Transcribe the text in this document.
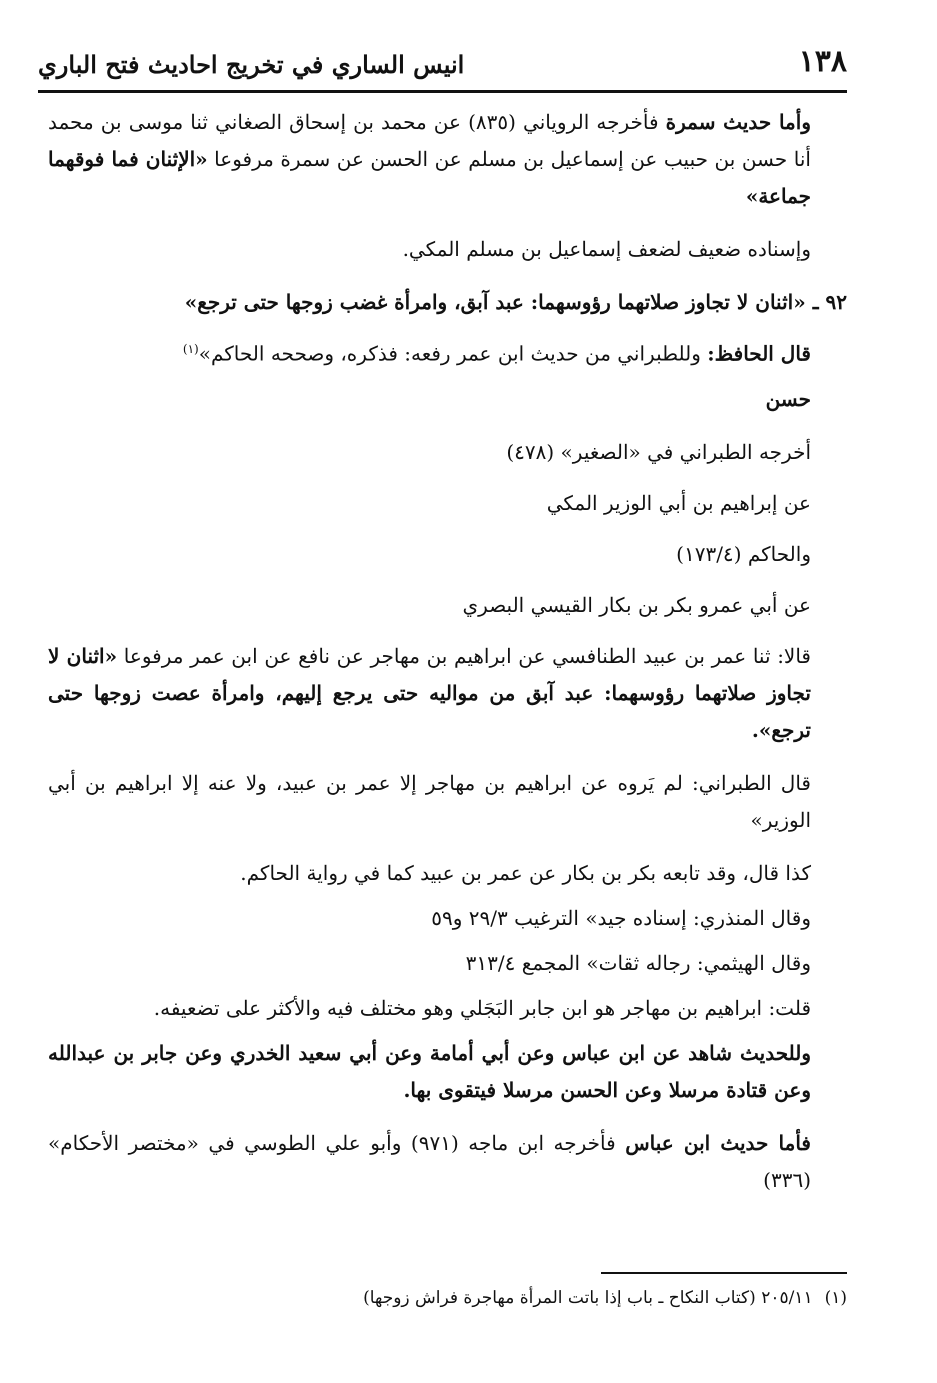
١٣٨
انيس الساري في تخريج احاديث فتح الباري

وأما حديث سمرة فأخرجه الروياني (٨٣٥) عن محمد بن إسحاق الصغاني ثنا موسى بن محمد أنا حسن بن حبيب عن إسماعيل بن مسلم عن الحسن عن سمرة مرفوعا «الإثنان فما فوقهما جماعة»

وإسناده ضعيف لضعف إسماعيل بن مسلم المكي.

٩٢ ـ «اثنان لا تجاوز صلاتهما رؤوسهما: عبد آبق، وامرأة غضب زوجها حتى ترجع»

قال الحافظ: وللطبراني من حديث ابن عمر رفعه: فذكره، وصححه الحاكم»$^{(١)}$

حسن

أخرجه الطبراني في «الصغير» (٤٧٨)

عن إبراهيم بن أبي الوزير المكي

والحاكم (١٧٣/٤)

عن أبي عمرو بكر بن بكار القيسي البصري

قالا: ثنا عمر بن عبيد الطنافسي عن ابراهيم بن مهاجر عن نافع عن ابن عمر مرفوعا «اثنان لا تجاوز صلاتهما رؤوسهما: عبد آبق من مواليه حتى يرجع إليهم، وامرأة عصت زوجها حتى ترجع».

قال الطبراني: لم يَروه عن ابراهيم بن مهاجر إلا عمر بن عبيد، ولا عنه إلا ابراهيم بن أبي الوزير»

كذا قال، وقد تابعه بكر بن بكار عن عمر بن عبيد كما في رواية الحاكم.

وقال المنذري: إسناده جيد» الترغيب ٢٩/٣ و٥٩

وقال الهيثمي: رجاله ثقات» المجمع ٣١٣/٤

قلت: ابراهيم بن مهاجر هو ابن جابر البَجَلي وهو مختلف فيه والأكثر على تضعيفه.

وللحديث شاهد عن ابن عباس وعن أبي أمامة وعن أبي سعيد الخدري وعن جابر بن عبدالله وعن قتادة مرسلا وعن الحسن مرسلا فيتقوى بها.

فأما حديث ابن عباس فأخرجه ابن ماجه (٩٧١) وأبو علي الطوسي في «مختصر الأحكام» (٣٣٦)

(١)٢٠٥/١١ (كتاب النكاح ـ باب إذا باتت المرأة مهاجرة فراش زوجها)
